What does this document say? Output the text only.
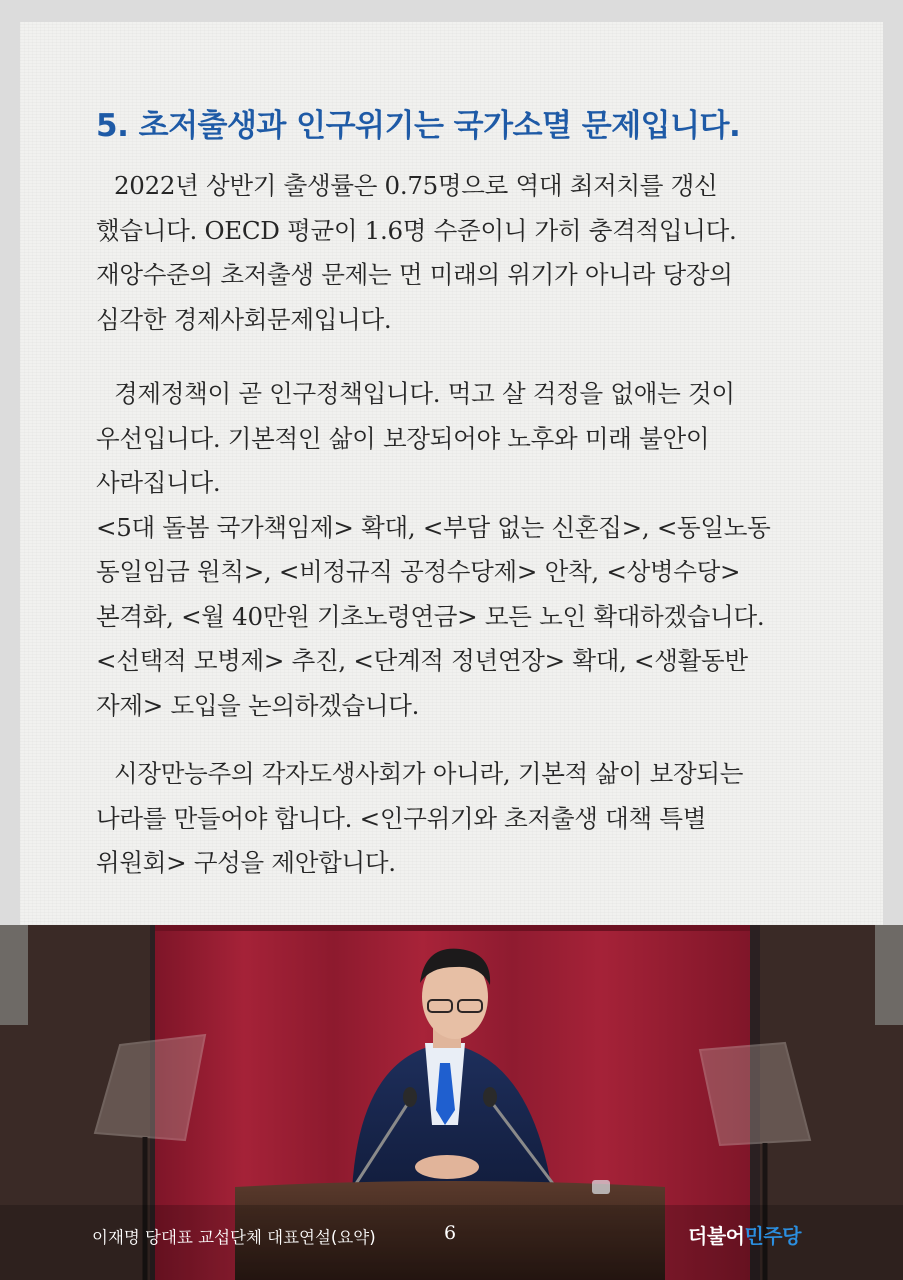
5. 초저출생과 인구위기는 국가소멸 문제입니다.

2022년 상반기 출생률은 0.75명으로 역대 최저치를 갱신
했습니다. OECD 평균이 1.6명 수준이니 가히 충격적입니다.
재앙수준의 초저출생 문제는 먼 미래의 위기가 아니라 당장의
심각한 경제사회문제입니다.

경제정책이 곧 인구정책입니다. 먹고 살 걱정을 없애는 것이
우선입니다. 기본적인 삶이 보장되어야 노후와 미래 불안이
사라집니다.
<5대 돌봄 국가책임제> 확대, <부담 없는 신혼집>, <동일노동
동일임금 원칙>, <비정규직 공정수당제> 안착, <상병수당>
본격화, <월 40만원 기초노령연금> 모든 노인 확대하겠습니다.
<선택적 모병제> 추진, <단계적 정년연장> 확대, <생활동반
자제> 도입을 논의하겠습니다.

시장만능주의 각자도생사회가 아니라, 기본적 삶이 보장되는
나라를 만들어야 합니다. <인구위기와 초저출생 대책 특별
위원회> 구성을 제안합니다.

이재명 당대표 교섭단체 대표연설(요약)	6	더불어민주당
